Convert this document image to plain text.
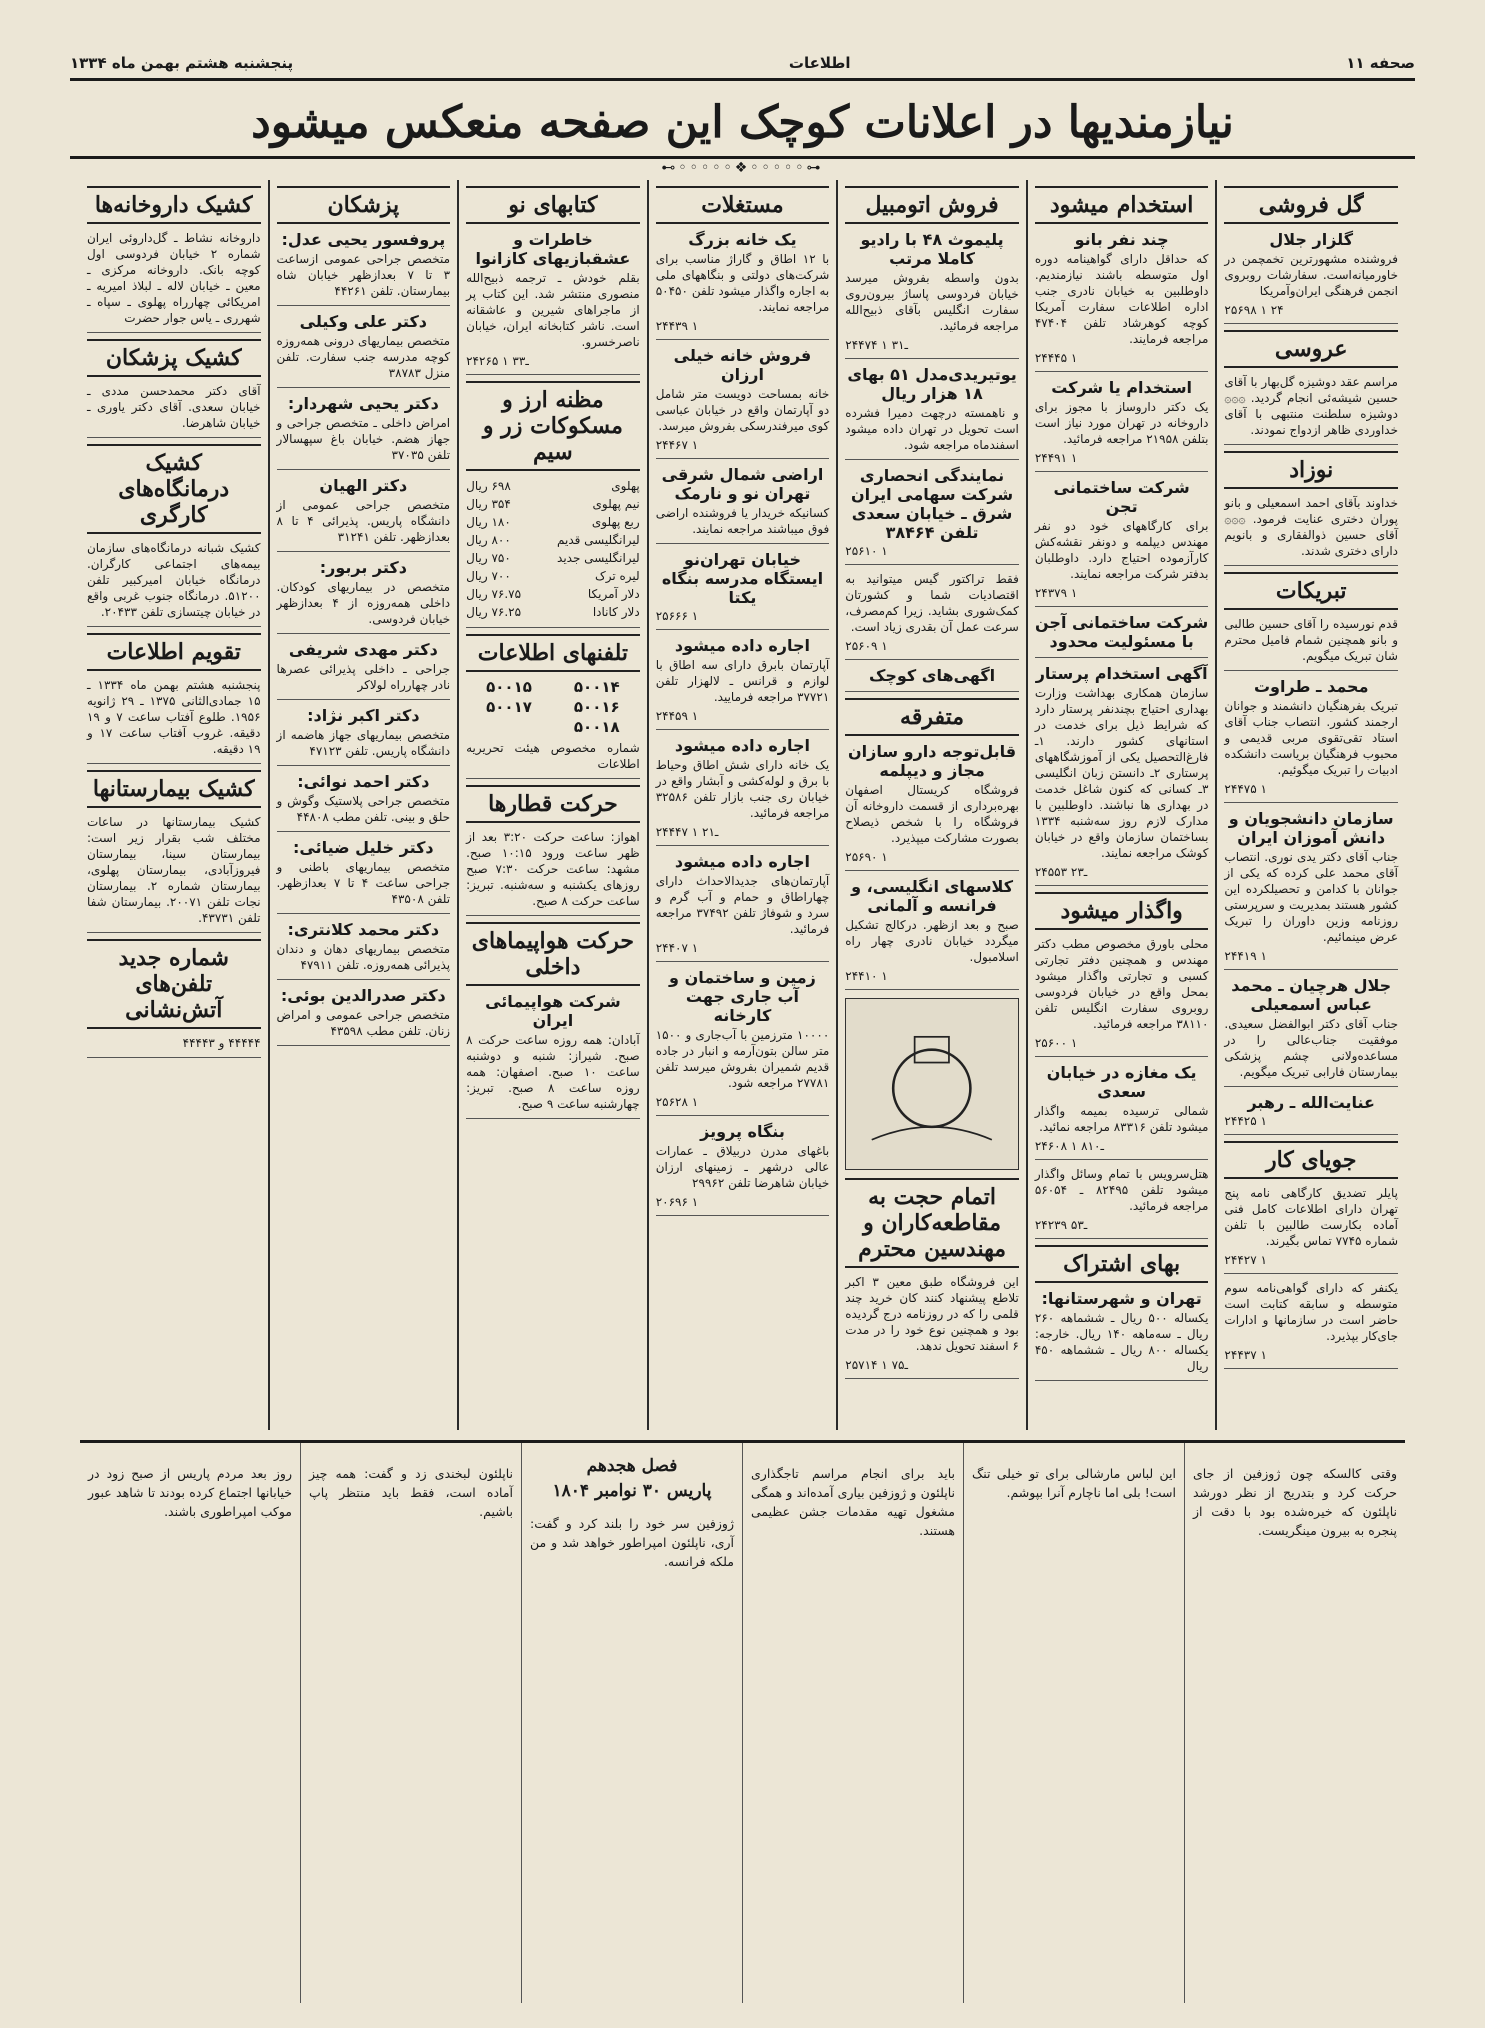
صحفه ۱۱
اطلاعات
پنجشنبه هشتم بهمن ماه ۱۳۳۴
نیازمندیها در اعلانات کوچک این صفحه منعکس میشود
⊷◦◦◦◦◦❖◦◦◦◦◦⊶
گل فروشی
گلزار جلال
فروشنده مشهورترین تخمچمن در خاورمیانه‌است. سفارشات روبروی انجمن فرهنگی ایران‌وآمریکا
۲۵۶۹۸ ۱ ۲۴
عروسی
مراسم عقد دوشیزه گل‌بهار با آقای حسین شیشه‌ئی انجام گردید. ۞۞۞ دوشیزه سلطنت منتبهی با آقای خداوردی ظاهر ازدواج نمودند.
نوزاد
خداوند بآقای احمد اسمعیلی و بانو پوران دختری عنایت فرمود. ۞۞۞ آقای حسین ذوالفقاری و بانویم دارای دختری شدند.
تبریکات
قدم نورسیده را آقای حسین طالبی و بانو همچنین شمام فامیل محترم شان تبریک میگویم.
محمد ـ طراوت
تبریک بفرهنگیان دانشمند و جوانان ارجمند کشور. انتصاب جناب آقای استاد تقی‌تقوی مربی قدیمی و محبوب فرهنگیان بریاست دانشکده ادبیات را تبریک میگوئیم.
۲۴۴۷۵ ۱
سازمان دانشجویان و دانش آموزان ایران
جناب آقای دکتر یدی نوری. انتصاب آقای محمد علی کرده که یکی از جوانان با کدامن و تحصیلکرده این کشور هستند بمدیریت و سرپرستی روزنامه وزین داوران را تبریک عرض مینمائیم.
۲۴۴۱۹ ۱
جلال هرچیان ـ محمد عباس اسمعیلی
جناب آقای دکتر ابوالفضل سعیدی. موفقیت جناب‌عالی را در مساعده‌ولانی چشم پزشکی بیمارستان فارابی تبریک میگویم.
عنایت‌الله ـ رهبر
۲۴۴۲۵ ۱
جویای کار
پایلر تضدیق کارگاهی نامه پنج تهران دارای اطلاعات کامل فنی آماده بکارست طالبین با تلفن شماره ۷۷۴۵ تماس بگیرند.
۲۴۴۲۷ ۱
یکنفر که دارای گواهی‌نامه سوم متوسطه و سابقه کتابت است حاضر است در سازمانها و ادارات جای‌کار بپذیرد.
۲۴۴۳۷ ۱
استخدام میشود
چند نفر بانو
که حداقل دارای گواهینامه دوره اول متوسطه باشند نیازمندیم. داوطلبین به خیابان نادری جنب اداره اطلاعات سفارت آمریکا کوچه کوهرشاد تلفن ۴۷۴۰۴ مراجعه فرمایند.
۲۴۴۴۵ ۱
استخدام یا شرکت
یک دکتر داروساز با مجوز برای داروخانه در تهران مورد نیاز است بتلفن ۲۱۹۵۸ مراجعه فرمائید.
۲۴۴۹۱ ۱
شرکت ساختمانی تجن
برای کارگاههای خود دو نفر مهندس دیپلمه و دونفر نقشه‌کش کارآزموده احتیاج دارد. داوطلبان بدفتر شرکت مراجعه نمایند.
۲۴۳۷۹ ۱
شرکت ساختمانی آجن با مسئولیت محدود
آگهی استخدام پرستار
سازمان همکاری بهداشت وزارت بهداری احتیاج بچندنفر پرستار دارد که شرایط ذیل برای خدمت در استانهای کشور دارند. ۱ـ فارغ‌التحصیل یکی از آموزشگاههای پرستاری ۲ـ دانستن زبان انگلیسی ۳ـ کسانی که کنون شاغل خدمت در بهداری ها نباشند. داوطلبین با مدارک لازم روز سه‌شنبه ۱۳۳۴ بساختمان سازمان واقع در خیابان کوشک مراجعه نمایند.
۲۴۵۵۳ ۲ـ۳
واگذار میشود
محلی باورق مخصوص مطب دکتر مهندس و همچنین دفتر تجارتی کسبی و تجارتی واگذار میشود بمحل واقع در خیابان فردوسی روبروی سفارت انگلیس تلفن ۳۸۱۱۰ مراجعه فرمائید.
۲۵۶۰۰ ۱
یک مغازه در خیابان سعدی
شمالی ترسیده بمیمه واگذار میشود تلفن ۸۳۳۱۶ مراجعه نمائید.
۲۴۶۰۸ ۱ ۸ـ۱۰
هتل‌سرویس با تمام وسائل واگذار میشود تلفن ۸۲۴۹۵ ـ ۵۶۰۵۴ مراجعه فرمائید.
۲۴۲۳۹ ۵ـ۳
بهای اشتراک
تهران و شهرستانها:
یکساله ۵۰۰ ریال ـ ششماهه ۲۶۰ ریال ـ سه‌ماهه ۱۴۰ ریال. خارجه: یکساله ۸۰۰ ریال ـ ششماهه ۴۵۰ ریال
فروش اتومبیل
پلیموث ۴۸ با رادیو کاملا مرتب
بدون واسطه بفروش میرسد خیابان فردوسی پاساژ بیرون‌روی سفارت انگلیس بآقای ذبیح‌الله مراجعه فرمائید.
۲۴۴۷۴ ۱ ۳ـ۱
یوتیریدی‌مدل ۵۱ بهای ۱۸ هزار ریال
و ناهمسته درچهت دمیرا فشرده است تحویل در تهران داده میشود اسفندماه مراجعه شود.
نمایندگی انحصاری شرکت سهامی ایران شرق ـ خیابان سعدی تلفن ۳۸۴۶۴
۲۵۶۱۰ ۱
فقط تراکتور گیس میتوانید به اقتصادیات شما و کشورتان کمک‌شوری بشاید. زیرا کم‌مصرف، سرعت عمل آن بقدری زیاد است.
۲۵۶۰۹ ۱
اگهی‌های کوچک
متفرقه
قابل‌توجه دارو سازان مجاز و دیپلمه
فروشگاه کریستال اصفهان بهره‌برداری از قسمت داروخانه آن فروشگاه را با شخص ذیصلاح بصورت مشارکت میپذیرد.
۲۵۶۹۰ ۱
کلاسهای انگلیسی، و فرانسه و آلمانی
صبح و بعد ازظهر. درکالج تشکیل میگردد خیابان نادری چهار راه اسلامبول.
۲۴۴۱۰ ۱
اتمام حجت به مقاطعه‌کاران و مهندسین محترم
این فروشگاه طبق معین ۳ اکبر تلاطع پیشنهاد کنند کان خرید چند قلمی را که در روزنامه درج گردیده بود و همچنین نوع خود را در مدت ۶ اسفند تحویل ندهد.
۲۵۷۱۴ ۱ ۷ـ۵
مستغلات
یک خانه بزرگ
با ۱۲ اطاق و گاراژ مناسب برای شرکت‌های دولتی و بنگاههای ملی به اجاره واگذار میشود تلفن ۵۰۴۵۰ مراجعه نمایند.
۲۴۴۳۹ ۱
فروش خانه خیلی ارزان
خانه بمساحت دویست متر شامل دو آپارتمان واقع در خیابان عباسی کوی میرفندرسکی بفروش میرسد.
۲۴۴۶۷ ۱
اراضی شمال شرقی تهران نو و نارمک
کسانیکه خریدار یا فروشنده اراضی فوق میباشند مراجعه نمایند.
خیابان تهران‌نو ایستگاه مدرسه بنگاه یکتا
۲۵۶۶۶ ۱
اجاره داده میشود
آپارتمان بابرق دارای سه اطاق با لوازم و قرانس ـ لالهزار تلفن ۳۷۷۲۱ مراجعه فرمایید.
۲۴۴۵۹ ۱
اجاره داده میشود
یک خانه دارای شش اطاق وحیاط با برق و لوله‌کشی و آبشار واقع در خیابان ری جنب بازار تلفن ۳۲۵۸۶ مراجعه فرمائید.
۲۴۴۴۷ ۱ ۲ـ۱
اجاره داده میشود
آپارتمان‌های جدیدالاحداث دارای چهاراطاق و حمام و آب گرم و سرد و شوفاژ تلفن ۳۷۴۹۲ مراجعه فرمائید.
۲۴۴۰۷ ۱
زمین و ساختمان و آب جاری جهت کارخانه
۱۰۰۰۰ مترزمین با آب‌جاری و ۱۵۰۰ متر سالن بتون‌آرمه و انبار در جاده قدیم شمیران بفروش میرسد تلفن ۲۷۷۸۱ مراجعه شود.
۲۵۶۲۸ ۱
بنگاه پرویز
باغهای مدرن دربیلاق ـ عمارات عالی درشهر ـ زمینهای ارزان خیابان شاهرضا تلفن ۲۹۹۶۲
۲۰۶۹۶ ۱
کتابهای نو
خاطرات و عشقبازیهای کازانوا
بقلم خودش ـ ترجمه ذبیح‌الله منصوری منتشر شد. این کتاب پر از ماجراهای شیرین و عاشقانه است. ناشر کتابخانه ایران، خیابان ناصرخسرو.
۲۴۲۶۵ ۱ ۳ـ۳
مظنه ارز و مسکوکات زر و سیم
پهلوی
۶۹۸ ریال
نیم پهلوی
۳۵۴ ریال
ربع پهلوی
۱۸۰ ریال
لیرانگلیسی قدیم
۸۰۰ ریال
لیرانگلیسی جدید
۷۵۰ ریال
لیره ترک
۷۰۰ ریال
دلار آمریکا
۷۶.۷۵ ریال
دلار کانادا
۷۶.۲۵ ریال
تلفنهای اطلاعات
۵۰۰۱۴
۵۰۰۱۵
۵۰۰۱۶
۵۰۰۱۷
۵۰۰۱۸
شماره مخصوص هیئت تحریریه اطلاعات
حرکت قطارها
اهواز: ساعت حرکت ۳:۲۰ بعد از ظهر ساعت ورود ۱۰:۱۵ صبح. مشهد: ساعت حرکت ۷:۳۰ صبح روزهای یکشنبه و سه‌شنبه. تبریز: ساعت حرکت ۸ صبح.
حرکت هواپیماهای داخلی
شرکت هواپیمائی ایران
آبادان: همه روزه ساعت حرکت ۸ صبح. شیراز: شنبه و دوشنبه ساعت ۱۰ صبح. اصفهان: همه روزه ساعت ۸ صبح. تبریز: چهارشنبه ساعت ۹ صبح.
پزشکان
پروفسور یحیی عدل:
متخصص جراحی عمومی ازساعت ۳ تا ۷ بعدازظهر خیابان شاه بیمارستان. تلفن ۴۴۲۶۱
دکتر علی وکیلی
متخصص بیماریهای درونی همه‌روزه کوچه مدرسه جنب سفارت. تلفن منزل ۳۸۷۸۳
دکتر یحیی شهردار:
امراض داخلی ـ متخصص جراحی و جهاز هضم. خیابان باغ سپهسالار تلفن ۳۷۰۳۵
دکتر الهیان
متخصص جراحی‌ عمومی از دانشگاه پاریس. پذیرائی ۴ تا ۸ بعدازظهر. تلفن ۳۱۲۴۱
دکتر بربور:
متخصص در بیماریهای کودکان. داخلی همه‌روزه از ۴ بعدازظهر خیابان فردوسی.
دکتر مهدی شریفی
جراحی ـ داخلی پذیرائی عصرها نادر چهارراه لولاکر
دکتر اکبر نژاد:
متخصص بیماریهای جهاز هاضمه از دانشگاه پاریس. تلفن ۴۷۱۲۳
دکتر احمد نوائی:
متخصص جراحی پلاستیک وگوش و حلق و بینی. تلفن مطب ۴۴۸۰۸
دکتر خلیل ضیائی:
متخصص بیماریهای باطنی و جراحی ساعت ۴ تا ۷ بعدازظهر. تلفن ۴۳۵۰۸
دکتر محمد کلانتری:
متخصص بیماریهای دهان و دندان پذیرائی همه‌روزه. تلفن ۴۷۹۱۱
دکتر صدرالدین بوئی:
متخصص جراحی عمومی و امراض زنان. تلفن مطب ۴۳۵۹۸
کشیک داروخانه‌ها
داروخانه نشاط ـ گل‌داروئی ایران شماره ۲ خیابان فردوسی اول کوچه بانک. داروخانه مرکزی ـ معین ـ خیابان لاله ـ لبلاذ امیریه ـ امریکائی چهارراه پهلوی ـ سپاه ـ شهرری ـ یاس جوار حضرت
کشیک پزشکان
آقای دکتر محمدحسن مددی ـ خیابان سعدی. آقای دکتر یاوری ـ خیابان شاهرضا.
کشیک درمانگاه‌های کارگری
کشیک شبانه درمانگاه‌های سازمان بیمه‌های اجتماعی کارگران. درمانگاه خیابان امیرکبیر تلفن ۵۱۲۰۰. درمانگاه جنوب غربی واقع در خیابان چیتسازی تلفن ۲۰۴۳۳.
تقویم اطلاعات
پنجشنبه هشتم بهمن ماه ۱۳۳۴ ـ ۱۵ جمادی‌الثانی ۱۳۷۵ ـ ۲۹ ژانویه ۱۹۵۶. طلوع آفتاب ساعت ۷ و ۱۹ دقیقه. غروب آفتاب ساعت ۱۷ و ۱۹ دقیقه.
کشیک بیمارستانها
کشیک بیمارستانها در ساعات مختلف شب بقرار زیر است: بیمارستان سینا، بیمارستان فیروزآبادی، بیمارستان پهلوی، بیمارستان شماره ۲. بیمارستان نجات تلفن ۲۰۰۷۱. بیمارستان شفا تلفن ۴۳۷۳۱.
شماره جدید تلفن‌های آتش‌نشانی
۴۴۴۴۴ و ۴۴۴۴۳

وقتی کالسکه چون ژوزفین از جای حرکت کرد و بتدریج از نظر دورشد ناپلئون که خیره‌شده بود با دقت از پنجره به بیرون مینگریست.

این لباس مارشالی برای تو خیلی تنگ است! بلی اما ناچارم آنرا بپوشم.

باید برای انجام مراسم تاجگذاری ناپلئون و ژوزفین بیاری آمده‌اند و همگی مشغول تهیه مقدمات جشن عظیمی هستند.

فصل هجدهم
پاریس ۳۰ نوامبر ۱۸۰۴

ژوزفین سر خود را بلند کرد و گفت: آری، ناپلئون امپراطور خواهد شد و من ملکه فرانسه.

ناپلئون لبخندی زد و گفت: همه چیز آماده است، فقط باید منتظر پاپ باشیم.

روز بعد مردم پاریس از صبح زود در خیابانها اجتماع کرده بودند تا شاهد عبور موکب امپراطوری باشند.
